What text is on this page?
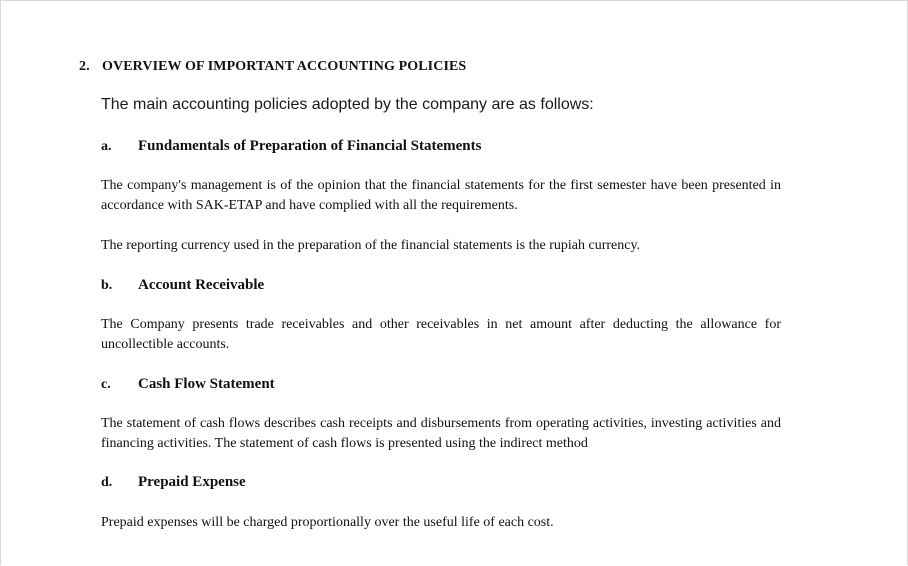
2. OVERVIEW OF IMPORTANT ACCOUNTING POLICIES
The main accounting policies adopted by the company are as follows:
a. Fundamentals of Preparation of Financial Statements

The company's management is of the opinion that the financial statements for the first semester have been presented in accordance with SAK-ETAP and have complied with all the requirements.

The reporting currency used in the preparation of the financial statements is the rupiah currency.

b. Account Receivable

The Company presents trade receivables and other receivables in net amount after deducting the allowance for uncollectible accounts.

c. Cash Flow Statement

The statement of cash flows describes cash receipts and disbursements from operating activities, investing activities and financing activities. The statement of cash flows is presented using the indirect method

d. Prepaid Expense

Prepaid expenses will be charged proportionally over the useful life of each cost.
